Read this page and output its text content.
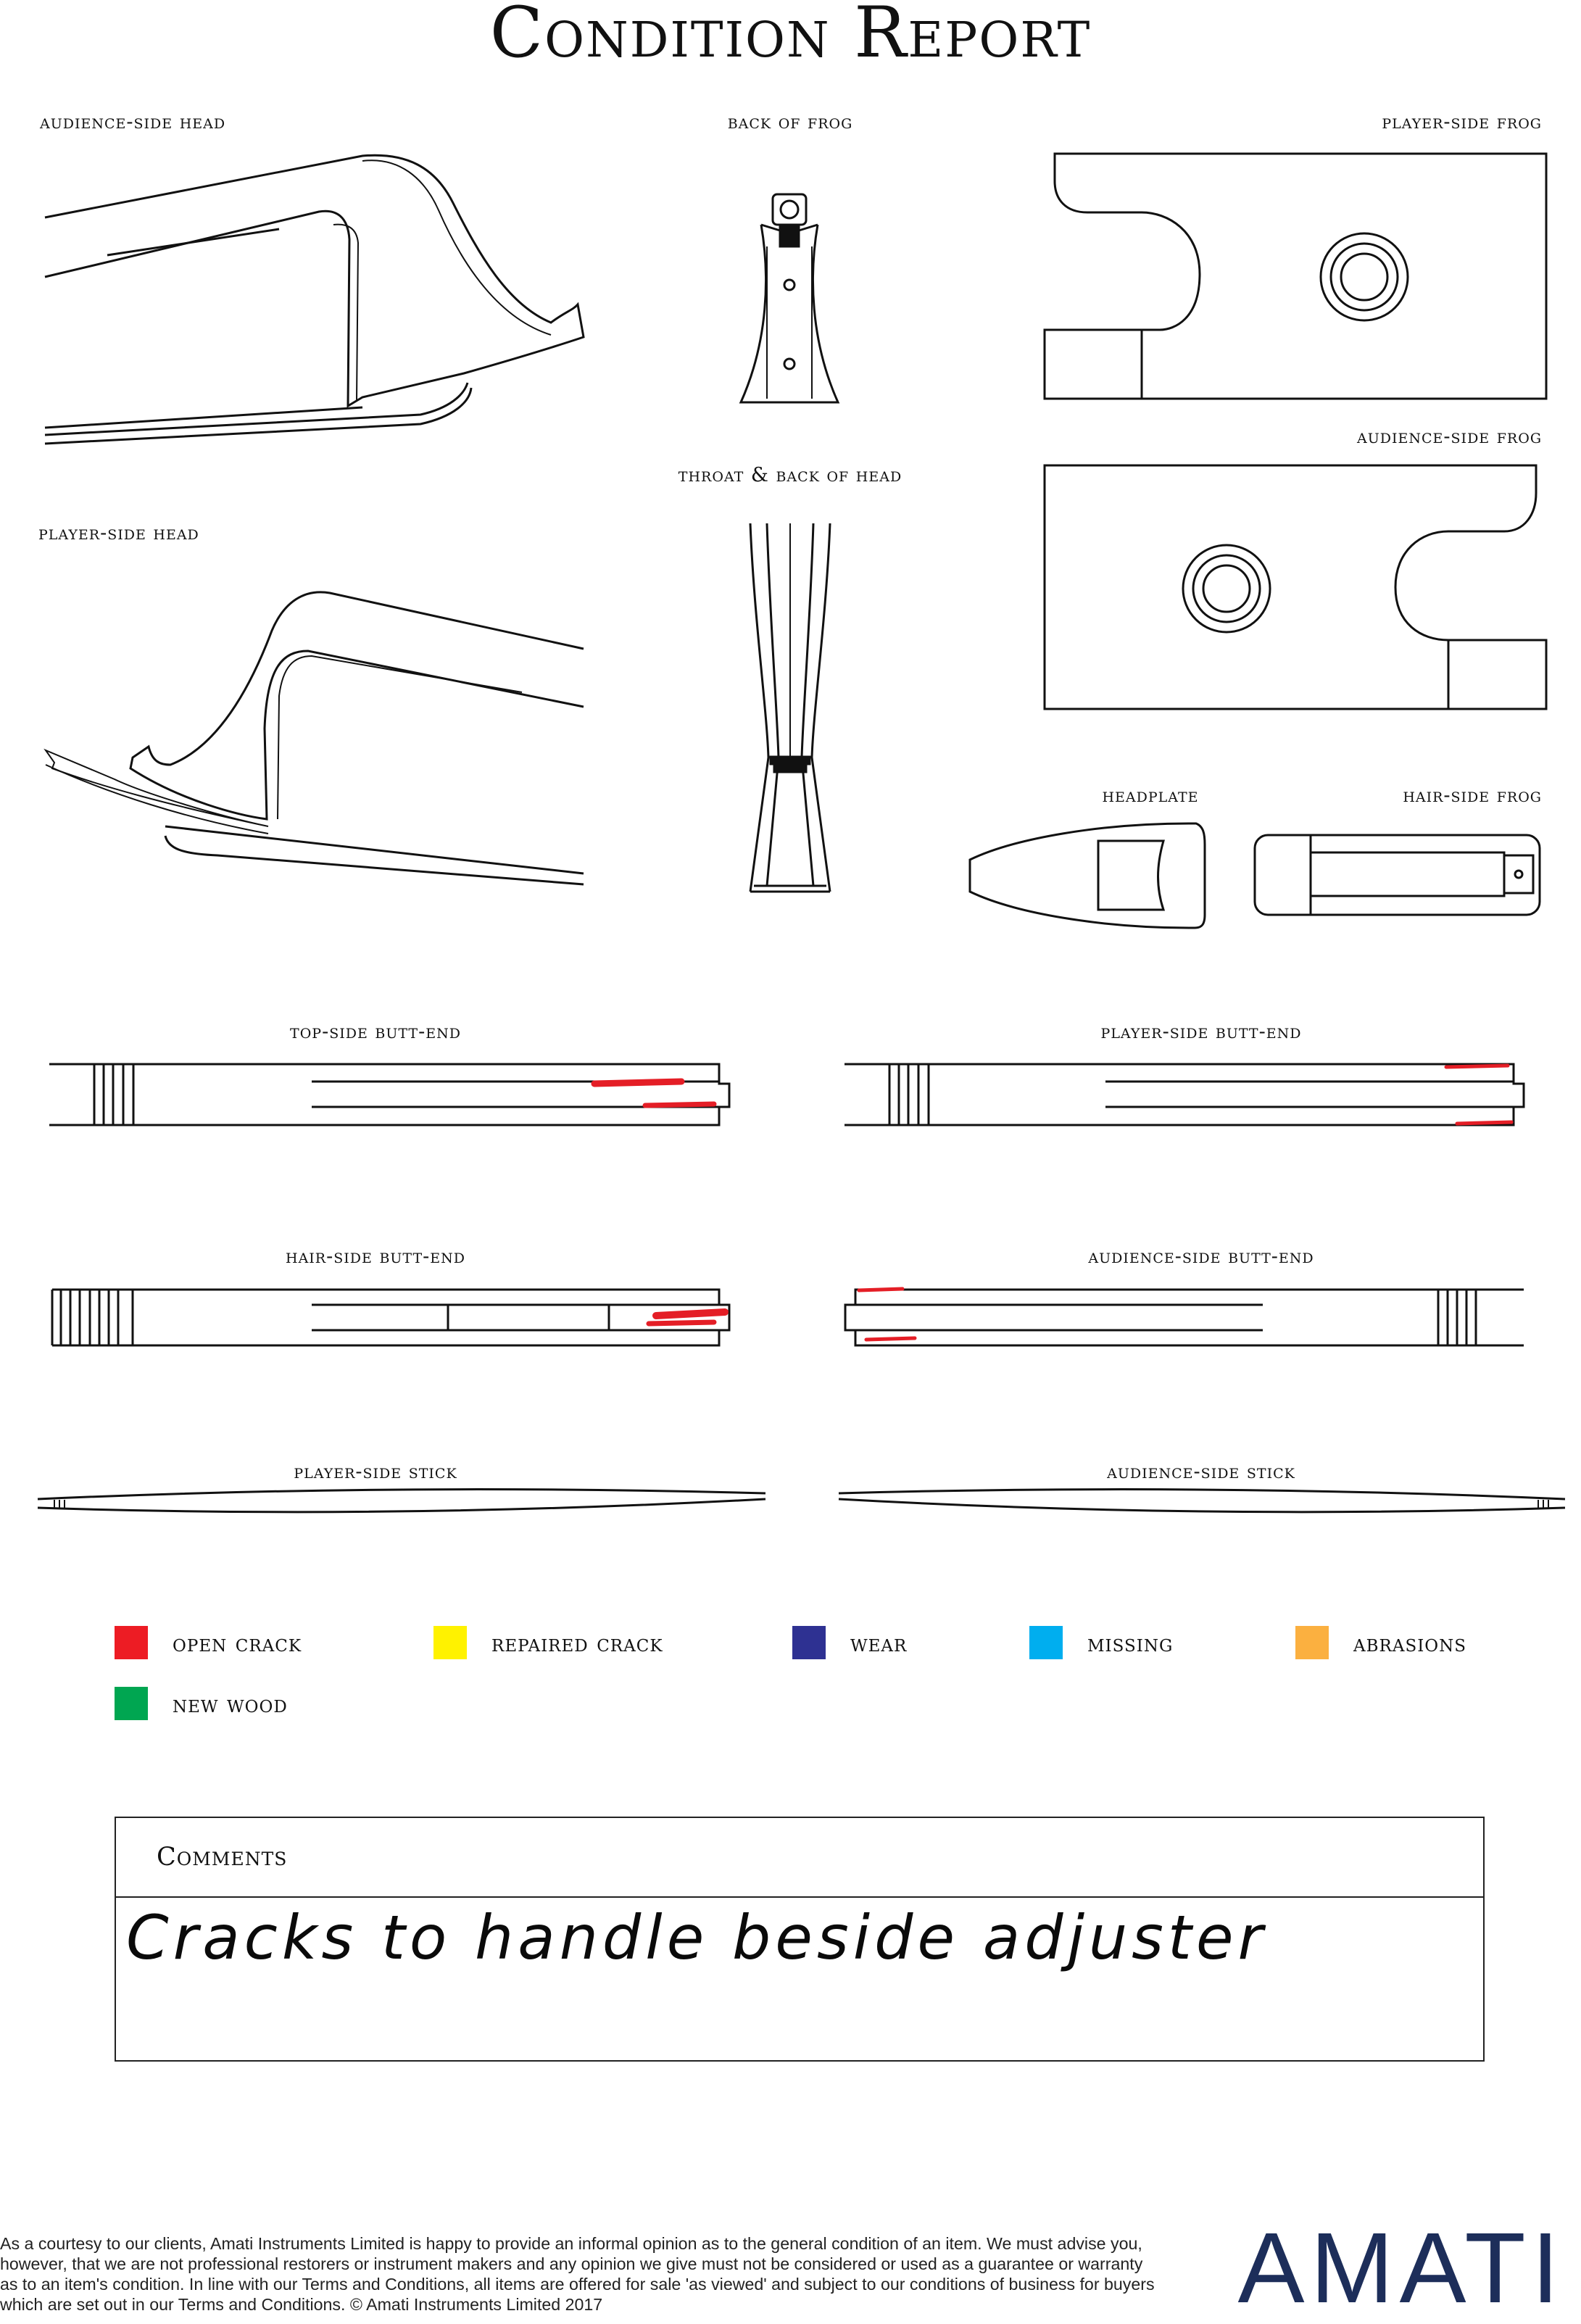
Condition Report
audience-side head	back of frog	player-side frog
throat & back of head
audience-side frog
player-side head
headplate	hair-side frog
top-side butt-end	player-side butt-end
hair-side butt-end	audience-side butt-end
player-side stick	audience-side stick
open crack	repaired crack	wear	missing	abrasions
new wood
Comments
Cracks to handle beside adjuster
As a courtesy to our clients, Amati Instruments Limited is happy to provide an informal opinion as to the general condition of an item. We must advise you, however, that we are not professional restorers or instrument makers and any opinion we give must not be considered or used as a guarantee or warranty as to an item's condition. In line with our Terms and Conditions, all items are offered for sale 'as viewed' and subject to our conditions of business for buyers which are set out in our Terms and Conditions. © Amati Instruments Limited 2017	AMATI
